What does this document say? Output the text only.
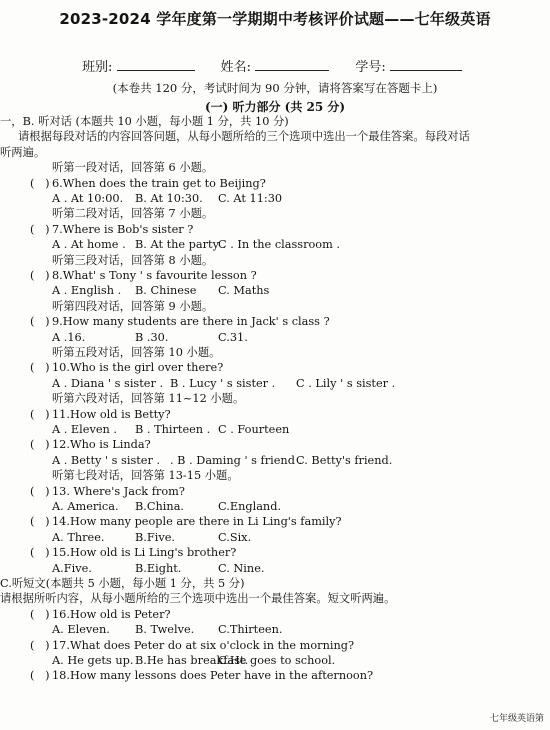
2023-2024 学年度第一学期期中考核评价试题——七年级英语
班别:	姓名:	学号:
(本卷共 120 分，考试时间为 90 分钟，请将答案写在答题卡上)
(一) 听力部分 (共 25 分)
一，B. 听对话 (本题共 10 小题，每小题 1 分，共 10 分)
请根据每段对话的内容回答问题，从每小题所给的三个选项中选出一个最佳答案。每段对话
听两遍。
听第一段对话，回答第 6 小题。
(   ) 6.When does the train get to Beijing?
A . At 10:00. B. At 10:30. C. At 11:30
听第二段对话，回答第 7 小题。
(   ) 7.Where is Bob's sister ?
A . At home . B. At the party .
C . In the classroom .
听第三段对话，回答第 8 小题。
(   ) 8.What' s Tony ' s favourite lesson ?
A . English . B. Chinese C. Maths
听第四段对话，回答第 9 小题。
(   ) 9.How many students are there in Jack' s class ?
A .16.	B .30.	C.31.
听第五段对话，回答第 10 小题。
(   ) 10.Who is the girl over there?
A . Diana ' s sister . B . Lucy ' s sister . C . Lily ' s sister .
听第六段对话，回答第 11~12 小题。
(   ) 11.How old is Betty?
A . Eleven . B . Thirteen . C . Fourteen
(   ) 12.Who is Linda?
A . Betty ' s sister . . B . Daming ' s friend .
C. Betty's friend.
听第七段对话，回答第 13-15 小题。
(   ) 13. Where's Jack from?
A. America. B.China.	C.England.
(   ) 14.How many people are there in Li Ling's family?
A. Three.	B.Five.	C.Six.
(   ) 15.How old is Li Ling's brother?
A.Five.	B.Eight.	C. Nine.
C.听短文(本题共 5 小题，每小题 1 分，共 5 分)
请根据所听内容，从每小题所给的三个选项中选出一个最佳答案。短文听两遍。
(   ) 16.How old is Peter?
A. Eleven. B. Twelve. C.Thirteen.
(   ) 17.What does Peter do at six o'clock in the morning?
A. He gets up. B.He has breakfast.
C.He goes to school.
(   ) 18.How many lessons does Peter have in the afternoon?
七年级英语第
